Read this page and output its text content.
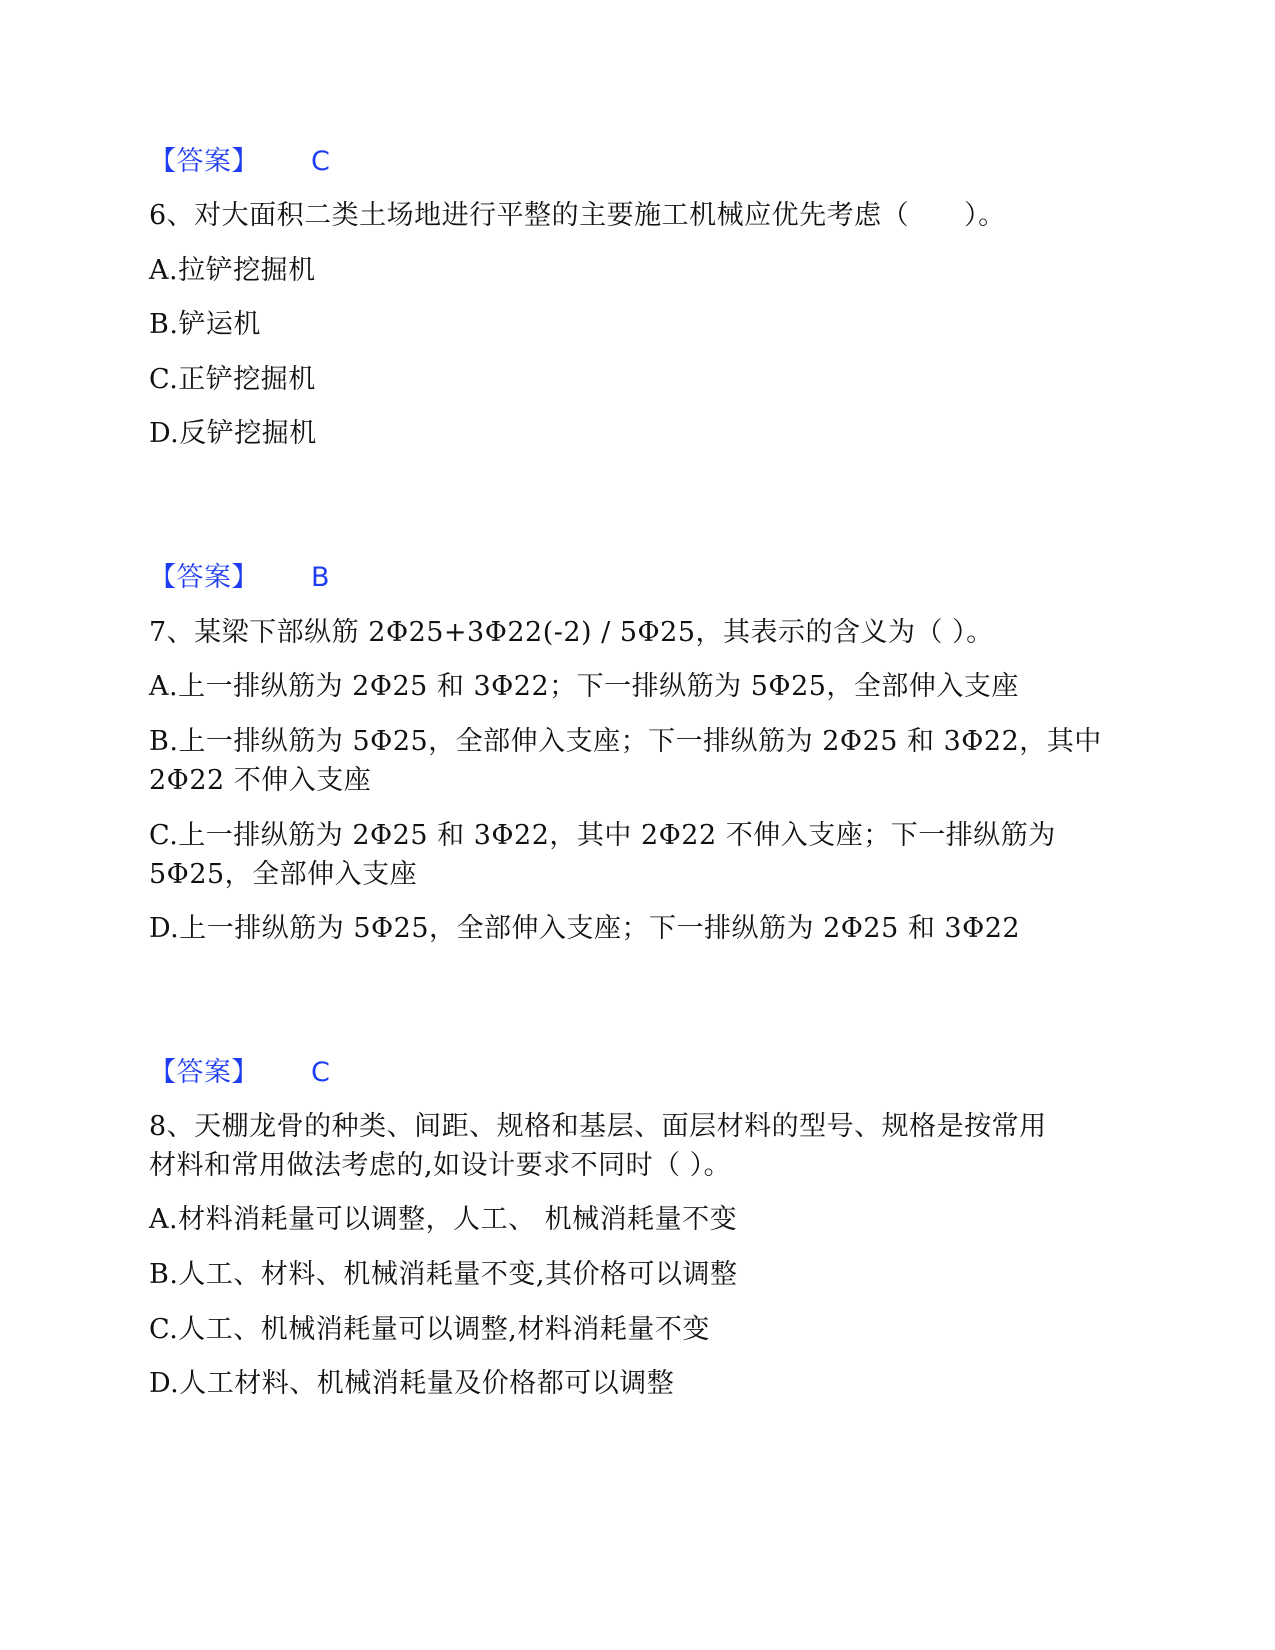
【答案】 C
6、对大面积二类土场地进行平整的主要施工机械应优先考虑（　　）。
A.拉铲挖掘机
B.铲运机
C.正铲挖掘机
D.反铲挖掘机
【答案】 B
7、某梁下部纵筋 2Φ25+3Φ22(-2) / 5Φ25，其表示的含义为（ ）。
A.上一排纵筋为 2Φ25 和 3Φ22；下一排纵筋为 5Φ25，全部伸入支座
B.上一排纵筋为 5Φ25，全部伸入支座；下一排纵筋为 2Φ25 和 3Φ22，其中
2Φ22 不伸入支座
C.上一排纵筋为 2Φ25 和 3Φ22，其中 2Φ22 不伸入支座；下一排纵筋为
5Φ25，全部伸入支座
D.上一排纵筋为 5Φ25，全部伸入支座；下一排纵筋为 2Φ25 和 3Φ22
【答案】 C
8、天棚龙骨的种类、间距、规格和基层、面层材料的型号、规格是按常用
材料和常用做法考虑的,如设计要求不同时（ ）。
A.材料消耗量可以调整，人工、 机械消耗量不变
B.人工、材料、机械消耗量不变,其价格可以调整
C.人工、机械消耗量可以调整,材料消耗量不变
D.人工材料、机械消耗量及价格都可以调整
